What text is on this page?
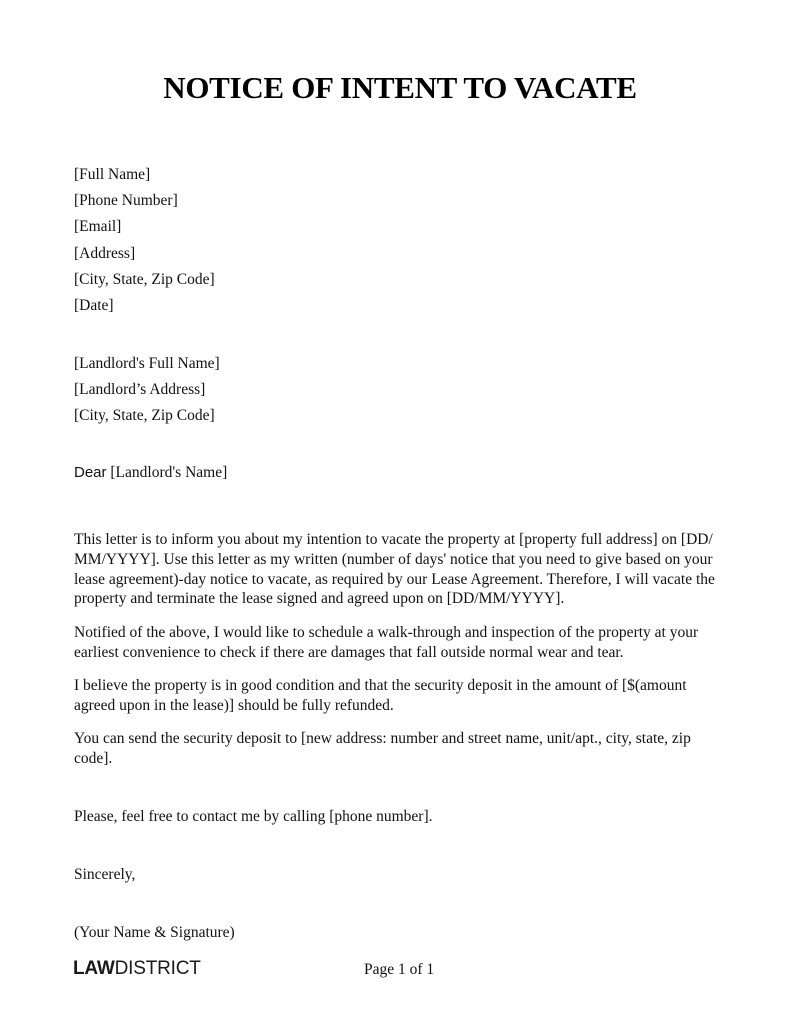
NOTICE OF INTENT TO VACATE
[Full Name]
[Phone Number]
[Email]
[Address]
[City, State, Zip Code]
[Date]
[Landlord's Full Name]
[Landlord’s Address]
[City, State, Zip Code]
Dear [Landlord's Name]
This letter is to inform you about my intention to vacate the property at [property full address] on [DD/ MM/YYYY]. Use this letter as my written (number of days' notice that you need to give based on your lease agreement)-day notice to vacate, as required by our Lease Agreement. Therefore, I will vacate the property and terminate the lease signed and agreed upon on [DD/MM/YYYY].
Notified of the above, I would like to schedule a walk-through and inspection of the property at your earliest convenience to check if there are damages that fall outside normal wear and tear.
I believe the property is in good condition and that the security deposit in the amount of [$(amount agreed upon in the lease)] should be fully refunded.
You can send the security deposit to [new address: number and street name, unit/apt., city, state, zip code].
Please, feel free to contact me by calling [phone number].
Sincerely,
(Your Name & Signature)
LAWDISTRICT	Page 1 of 1
